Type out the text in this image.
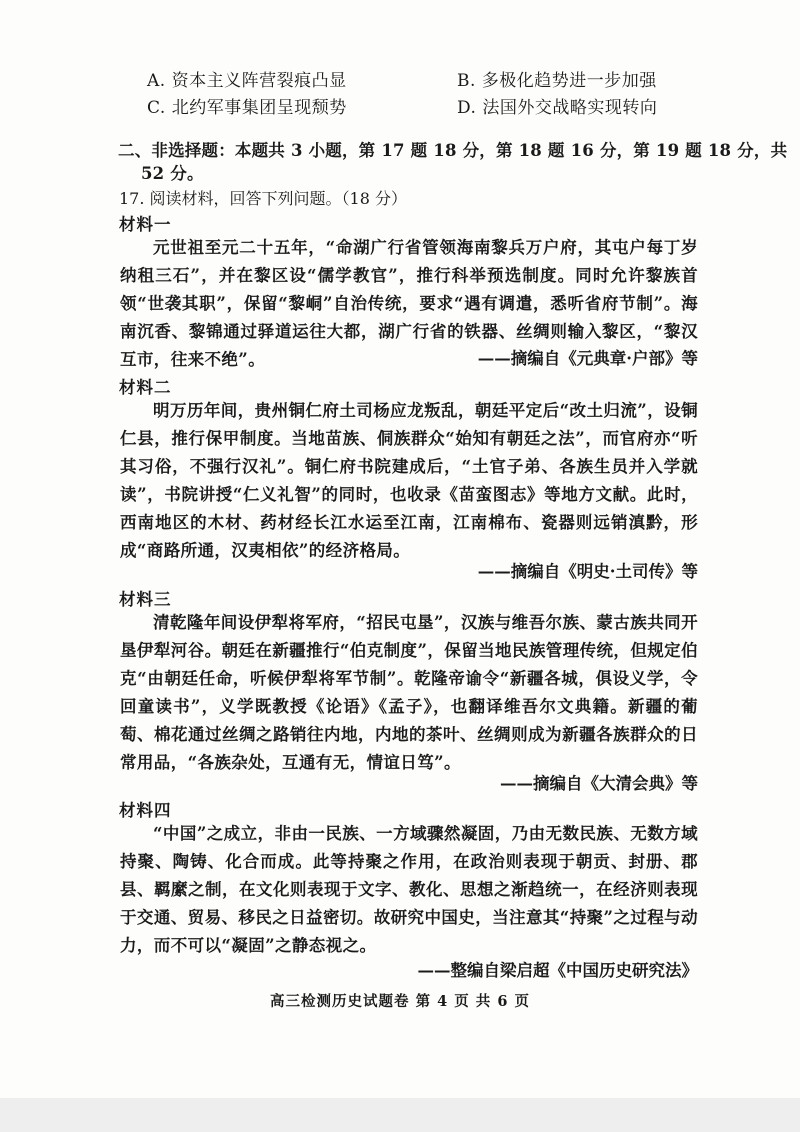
A. 资本主义阵营裂痕凸显	B. 多极化趋势进一步加强
C. 北约军事集团呈现颓势	D. 法国外交战略实现转向
二、非选择题：本题共 3 小题，第 17 题 18 分，第 18 题 16 分，第 19 题 18 分，共
52 分。
17. 阅读材料，回答下列问题。（18 分）
材料一
元世祖至元二十五年，“命湖广行省管领海南黎兵万户府，其屯户每丁岁纳租三石”，并在黎区设“儒学教官”，推行科举预选制度。同时允许黎族首领“世袭其职”，保留“黎峒”自治传统，要求“遇有调遣，悉听省府节制”。海南沉香、黎锦通过驿道运往大都，湖广行省的铁器、丝绸则输入黎区，“黎汉互市，往来不绝”。	——摘编自《元典章·户部》等
材料二
明万历年间，贵州铜仁府土司杨应龙叛乱，朝廷平定后“改土归流”，设铜仁县，推行保甲制度。当地苗族、侗族群众“始知有朝廷之法”，而官府亦“听其习俗，不强行汉礼”。铜仁府书院建成后，“土官子弟、各族生员并入学就读”，书院讲授“仁义礼智”的同时，也收录《苗蛮图志》等地方文献。此时，西南地区的木材、药材经长江水运至江南，江南棉布、瓷器则远销滇黔，形成“商路所通，汉夷相依”的经济格局。
——摘编自《明史·土司传》等
材料三
清乾隆年间设伊犁将军府，“招民屯垦”，汉族与维吾尔族、蒙古族共同开垦伊犁河谷。朝廷在新疆推行“伯克制度”，保留当地民族管理传统，但规定伯克“由朝廷任命，听候伊犁将军节制”。乾隆帝谕令“新疆各城，俱设义学，令回童读书”，义学既教授《论语》《孟子》，也翻译维吾尔文典籍。新疆的葡萄、棉花通过丝绸之路销往内地，内地的茶叶、丝绸则成为新疆各族群众的日常用品，“各族杂处，互通有无，情谊日笃”。
——摘编自《大清会典》等
材料四
“中国”之成立，非由一民族、一方域骤然凝固，乃由无数民族、无数方域持聚、陶铸、化合而成。此等持聚之作用，在政治则表现于朝贡、封册、郡县、羁縻之制，在文化则表现于文字、教化、思想之渐趋统一，在经济则表现于交通、贸易、移民之日益密切。故研究中国史，当注意其“持聚”之过程与动力，而不可以“凝固”之静态视之。
——整编自梁启超《中国历史研究法》
高三检测历史试题卷 第 4 页 共 6 页
